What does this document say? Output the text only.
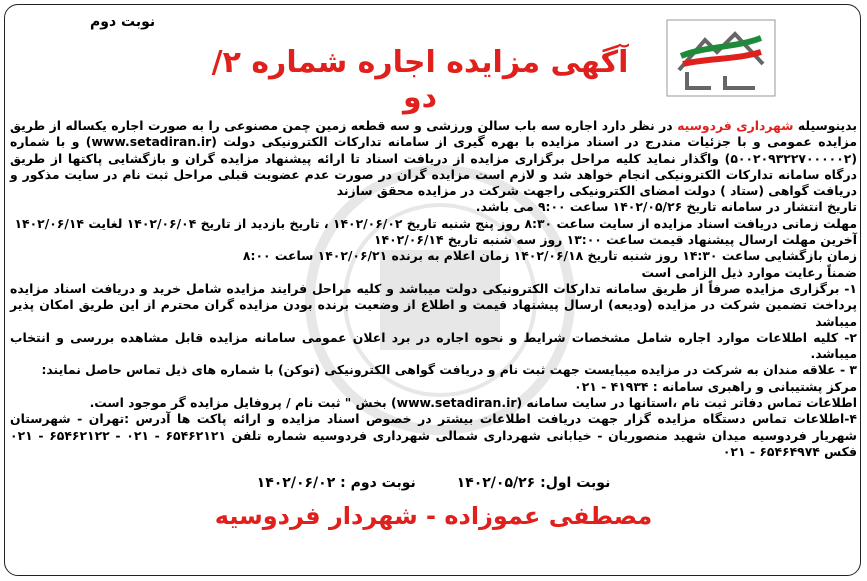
نوبت دوم
آگهی مزایده اجاره شماره ۲/ دو

بدینوسیله شهرداری فردوسیه در نظر دارد اجاره سه باب سالن ورزشی و سه قطعه زمین چمن مصنوعی را به صورت اجاره یکساله از طریق مزایده عمومی و با جزئیات مندرج در اسناد مزایده با بهره گیری از سامانه تدارکات الکترونیکی دولت (www.setadiran.ir) و با شماره (۵۰۰۲۰۹۳۲۲۷۰۰۰۰۰۲) واگذار نماید کلیه مراحل برگزاری مزایده از دریافت اسناد تا ارائه پیشنهاد مزایده گران و بازگشایی پاکتها از طریق درگاه سامانه تدارکات الکترونیکی انجام خواهد شد و لازم است مزایده گران در صورت عدم عضویت قبلی مراحل ثبت نام در سایت مذکور و دریافت گواهی (ستاد ) دولت امضای الکترونیکی راجهت شرکت در مزایده محقق سازند

تاریخ انتشار در سامانه تاریخ ۱۴۰۲/۰۵/۲۶ ساعت ۹:۰۰ می باشد.

مهلت زمانی دریافت اسناد مزایده از سایت ساعت ۸:۳۰ روز پنج شنبه تاریخ ۱۴۰۲/۰۶/۰۲ ، تاریخ بازدید از تاریخ ۱۴۰۲/۰۶/۰۴ لغایت ۱۴۰۲/۰۶/۱۴

آخرین مهلت ارسال پیشنهاد قیمت ساعت ۱۳:۰۰ روز سه شنبه تاریخ ۱۴۰۲/۰۶/۱۴

زمان بازگشایی ساعت ۱۴:۳۰ روز شنبه تاریخ ۱۴۰۲/۰۶/۱۸ زمان اعلام به برنده ۱۴۰۲/۰۶/۲۱ ساعت ۸:۰۰

ضمناً رعایت موارد ذیل الزامی است

۱- برگزاری مزایده صرفاً از طریق سامانه تدارکات الکترونیکی دولت میباشد و کلیه مراحل فرایند مزایده شامل خرید و دریافت اسناد مزایده پرداخت تضمین شرکت در مزایده (ودیعه) ارسال پیشنهاد قیمت و اطلاع از وضعیت برنده بودن مزایده گران محترم از این طریق امکان پذیر میباشد

۲- کلیه اطلاعات موارد اجاره شامل مشخصات شرایط و نحوه اجاره در برد اعلان عمومی سامانه مزایده قابل مشاهده بررسی و انتخاب میباشد.

۳ - علاقه مندان به شرکت در مزایده میبایست جهت ثبت نام و دریافت گواهی الکترونیکی (توکن) با شماره های ذیل تماس حاصل نمایند:

مرکز پشتیبانی و راهبری سامانه : ۴۱۹۳۴ - ۰۲۱

اطلاعات تماس دفاتر ثبت نام ،استانها در سایت سامانه (www.setadiran.ir) بخش " ثبت نام / پروفایل مزایده گر موجود است.

۴-اطلاعات تماس دستگاه مزایده گزار جهت دریافت اطلاعات بیشتر در خصوص اسناد مزایده و ارائه پاکت ها آدرس :تهران - شهرستان شهریار فردوسیه میدان شهید منصوریان - خیابانی شهرداری شمالی شهرداری فردوسیه شماره تلفن ۶۵۴۶۲۱۲۱ - ۰۲۱ - ۶۵۴۶۲۱۲۲ - ۰۲۱ فکس ۶۵۴۶۴۹۷۴ - ۰۲۱

نوبت اول: ۱۴۰۲/۰۵/۲۶ نوبت دوم : ۱۴۰۲/۰۶/۰۲
مصطفی عموزاده - شهردار فردوسیه
